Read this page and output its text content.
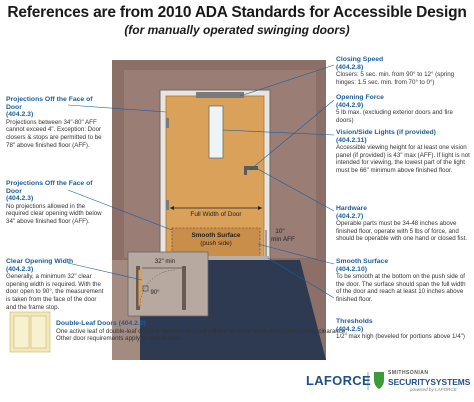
References are from 2010 ADA Standards for Accessible Design
(for manually operated swinging doors)
Full Width of Door
Smooth Surface
(push side)
10"
min AFF
32" min
90°
Projections Off the Face of Door
(404.2.3)
Projections between 34"-80" AFF cannot exceed 4". Exception: Door closers & stops are permitted to be 78" above finished floor (AFF).
Projections Off the Face of Door
(404.2.3)
No projections allowed in the required clear opening width below 34" above finished floor (AFF).
Clear Opening Width
(404.2.3)
Generally, a minimum 32" clear opening width is required. With the door open to 90°, the measurement is taken from the face of the door and the frame stop.
Closing Speed
(404.2.8)
Closers: 5 sec. min. from 90° to 12° (spring hinges: 1.5 sec. min. from 70° to 0°)
Opening Force
(404.2.9)
5 lb max. (excluding exterior doors and fire doors)
Vision/Side Lights (if provided)
(404.2.11)
Accessible viewing height for at least one vision panel (if provided) is 43" max (AFF). If light is not intended for viewing, the lowest part of the light must be 66" minimum above finished floor.
Hardware
(404.2.7)
Operable parts must be 34-48 inches above finished floor, operate with 5 lbs of force, and should be operable with one hand or closed fist.
Smooth Surface
(404.2.10)
To be smooth at the bottom on the push side of the door. The surface should span the full width of the door and reach at least 10 inches above finished floor.
Thresholds
(404.2.5)
1/2" max high (beveled for portions above 1/4")
Double-Leaf Doors (404.2.2)
One active leaf of double-leaf doors is required to meet criteria for clear width and maneuvering clearance. Other door requirements apply to both leaves.
LAFORCE	SMITHSONIAN
SECURITYSYSTEMS
powered by LAFORCE
